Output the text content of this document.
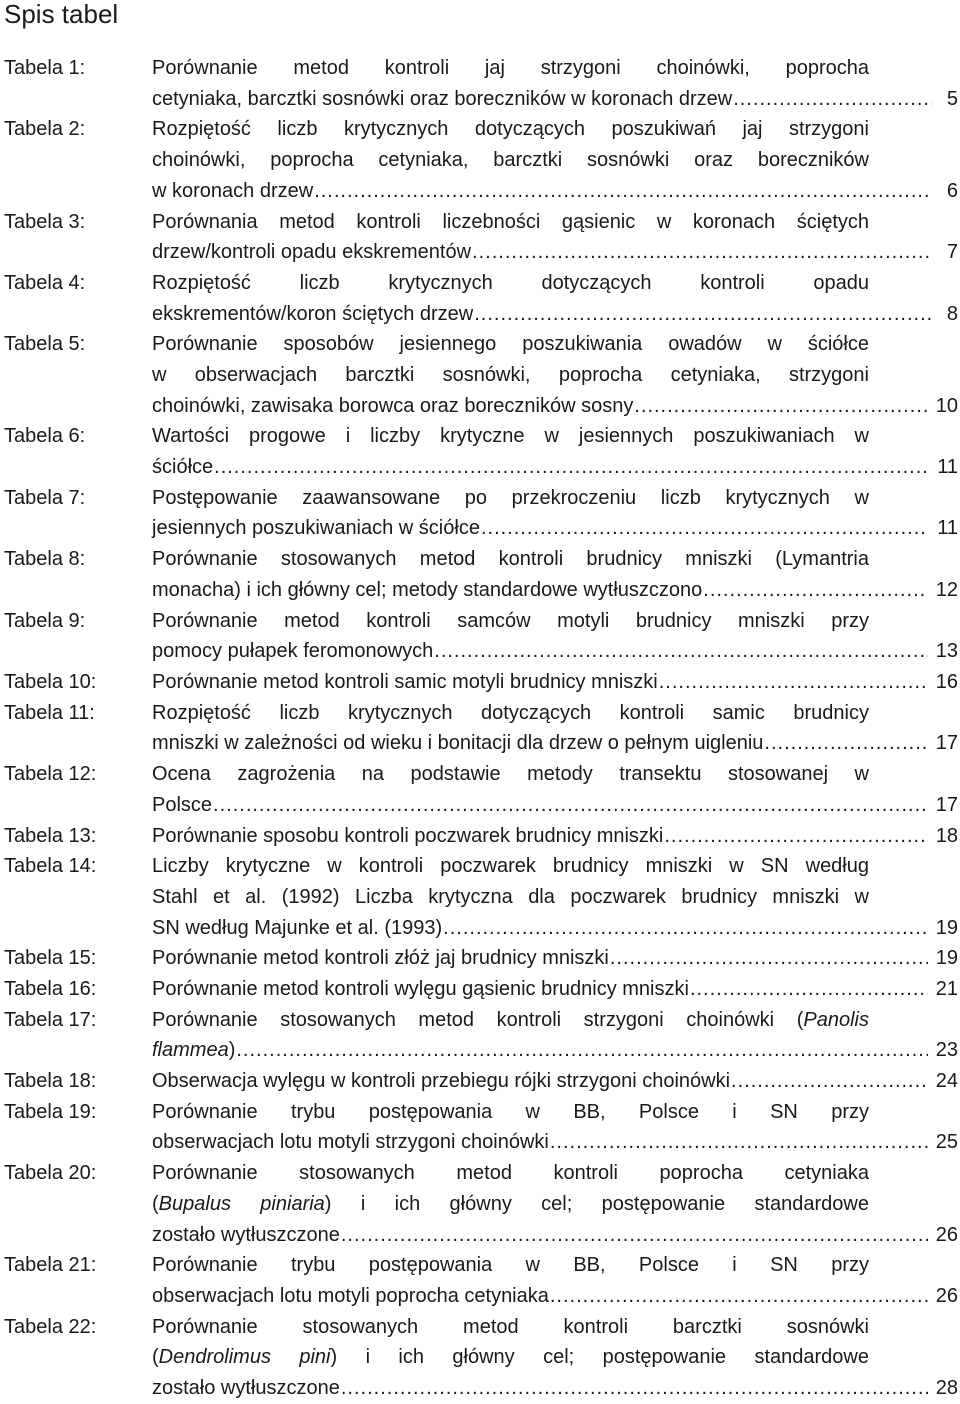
Spis tabel
Tabela 1:	Porównanie metod kontroli jaj strzygoni choinówki, poprocha
cetyniaka, barcztki sosnówki oraz boreczników w koronach drzew .....	5
Tabela 2:	Rozpiętość liczb krytycznych dotyczących poszukiwań jaj strzygoni
choinówki, poprocha cetyniaka, barcztki sosnówki oraz boreczników
w koronach drzew .....	6
Tabela 3:	Porównania metod kontroli liczebności gąsienic w koronach ściętych
drzew/kontroli opadu ekskrementów .....	7
Tabela 4:	Rozpiętość liczb krytycznych dotyczących kontroli opadu
ekskrementów/koron ściętych drzew .....	8
Tabela 5:	Porównanie sposobów jesiennego poszukiwania owadów w ściółce
w obserwacjach barcztki sosnówki, poprocha cetyniaka, strzygoni
choinówki, zawisaka borowca oraz boreczników sosny .....	10
Tabela 6:	Wartości progowe i liczby krytyczne w jesiennych poszukiwaniach w
ściółce .....	11
Tabela 7:	Postępowanie zaawansowane po przekroczeniu liczb krytycznych w
jesiennych poszukiwaniach w ściółce .....	11
Tabela 8:	Porównanie stosowanych metod kontroli brudnicy mniszki (Lymantria
monacha) i ich główny cel; metody standardowe wytłuszczono .....	12
Tabela 9:	Porównanie metod kontroli samców motyli brudnicy mniszki przy
pomocy pułapek feromonowych .....	13
Tabela 10:	Porównanie metod kontroli samic motyli brudnicy mniszki .....	16
Tabela 11:	Rozpiętość liczb krytycznych dotyczących kontroli samic brudnicy
mniszki w zależności od wieku i bonitacji dla drzew o pełnym uigleniu .....	17
Tabela 12:	Ocena zagrożenia na podstawie metody transektu stosowanej w
Polsce .....	17
Tabela 13:	Porównanie sposobu kontroli poczwarek brudnicy mniszki .....	18
Tabela 14:	Liczby krytyczne w kontroli poczwarek brudnicy mniszki w SN według
Stahl et al. (1992) Liczba krytyczna dla poczwarek brudnicy mniszki w
SN według Majunke et al. (1993) .....	19
Tabela 15:	Porównanie metod kontroli złóż jaj brudnicy mniszki .....	19
Tabela 16:	Porównanie metod kontroli wylęgu gąsienic brudnicy mniszki .....	21
Tabela 17:	Porównanie stosowanych metod kontroli strzygoni choinówki (Panolis
flammea) .....	23
Tabela 18:	Obserwacja wylęgu w kontroli przebiegu rójki strzygoni choinówki .....	24
Tabela 19:	Porównanie trybu postępowania w BB, Polsce i SN przy
obserwacjach lotu motyli strzygoni choinówki .....	25
Tabela 20:	Porównanie stosowanych metod kontroli poprocha cetyniaka
(Bupalus piniaria) i ich główny cel; postępowanie standardowe
zostało wytłuszczone .....	26
Tabela 21:	Porównanie trybu postępowania w BB, Polsce i SN przy
obserwacjach lotu motyli poprocha cetyniaka .....	26
Tabela 22:	Porównanie stosowanych metod kontroli barcztki sosnówki
(Dendrolimus pini) i ich główny cel; postępowanie standardowe
zostało wytłuszczone .....	28
